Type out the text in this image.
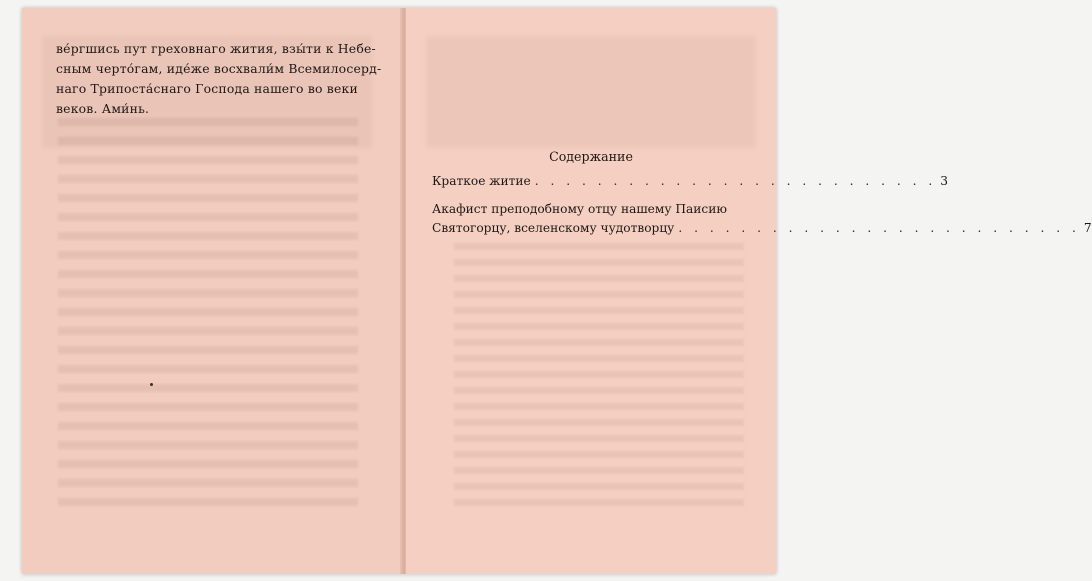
ве́ргшись пут греховнаго жития, взы́ти к Небе-
сным черто́гам, иде́же восхвали́м Всемилосерд-
наго Трипоста́снаго Господа нашего во веки
веков. Ами́нь.
Содержание
Краткое житие . . . . . . . . . . . . . . . . . . . . . . . . . . 3
Акафист преподобному отцу нашему Паисию
Святогорцу, вселенскому чудотворцу . . . . . . . . . . . . . . . . . . . . . . . . . . 7
